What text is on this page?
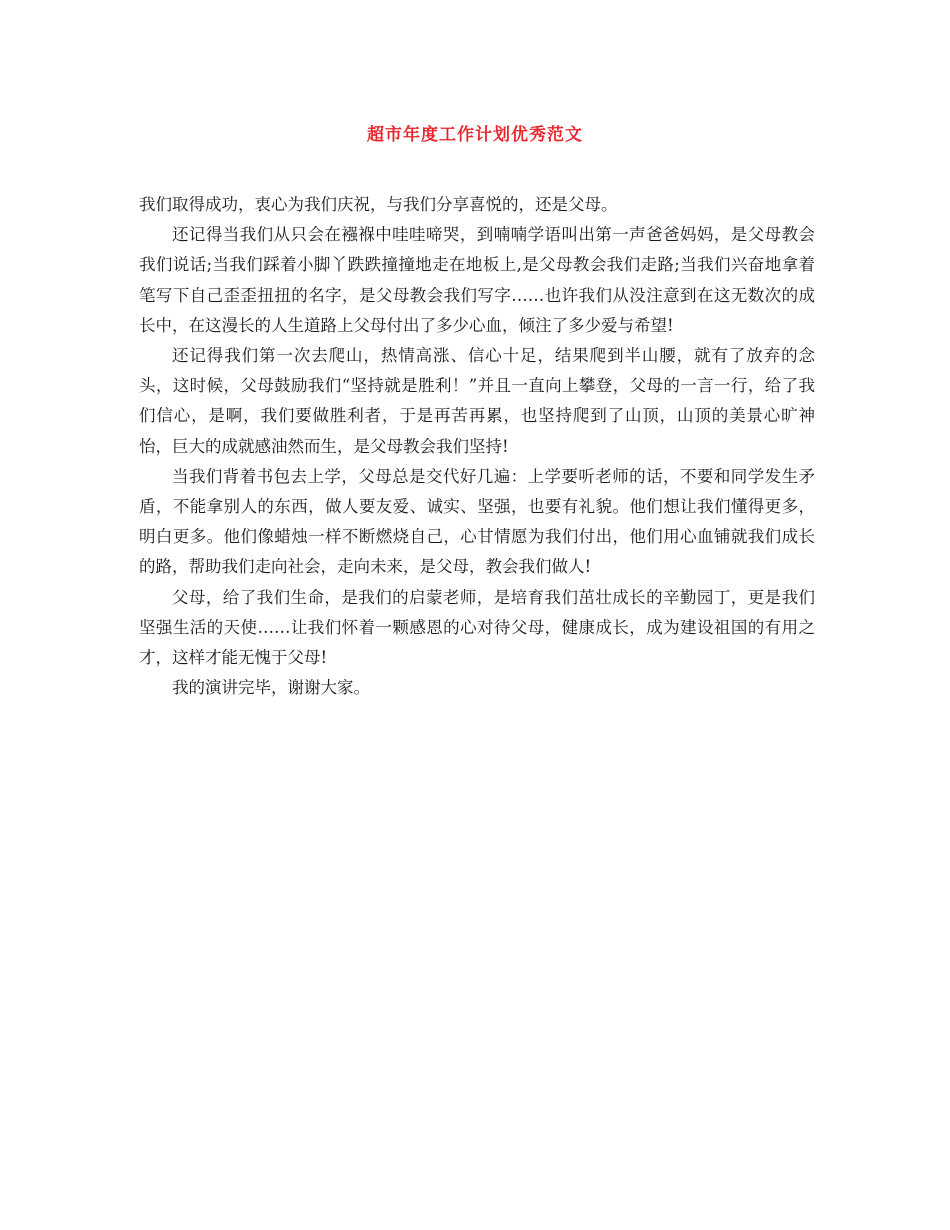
超市年度工作计划优秀范文

我们取得成功，衷心为我们庆祝，与我们分享喜悦的，还是父母。

还记得当我们从只会在襁褓中哇哇啼哭，到喃喃学语叫出第一声爸爸妈妈，是父母教会我们说话;当我们踩着小脚丫跌跌撞撞地走在地板上,是父母教会我们走路;当我们兴奋地拿着笔写下自己歪歪扭扭的名字，是父母教会我们写字……也许我们从没注意到在这无数次的成长中，在这漫长的人生道路上父母付出了多少心血，倾注了多少爱与希望!

还记得我们第一次去爬山，热情高涨、信心十足，结果爬到半山腰，就有了放弃的念头，这时候，父母鼓励我们“坚持就是胜利！”并且一直向上攀登，父母的一言一行，给了我们信心，是啊，我们要做胜利者，于是再苦再累，也坚持爬到了山顶，山顶的美景心旷神怡，巨大的成就感油然而生，是父母教会我们坚持!

当我们背着书包去上学，父母总是交代好几遍：上学要听老师的话，不要和同学发生矛盾，不能拿别人的东西，做人要友爱、诚实、坚强，也要有礼貌。他们想让我们懂得更多，明白更多。他们像蜡烛一样不断燃烧自己，心甘情愿为我们付出，他们用心血铺就我们成长的路，帮助我们走向社会，走向未来，是父母，教会我们做人!

父母，给了我们生命，是我们的启蒙老师，是培育我们茁壮成长的辛勤园丁，更是我们坚强生活的天使……让我们怀着一颗感恩的心对待父母，健康成长，成为建设祖国的有用之才，这样才能无愧于父母!

我的演讲完毕，谢谢大家。
